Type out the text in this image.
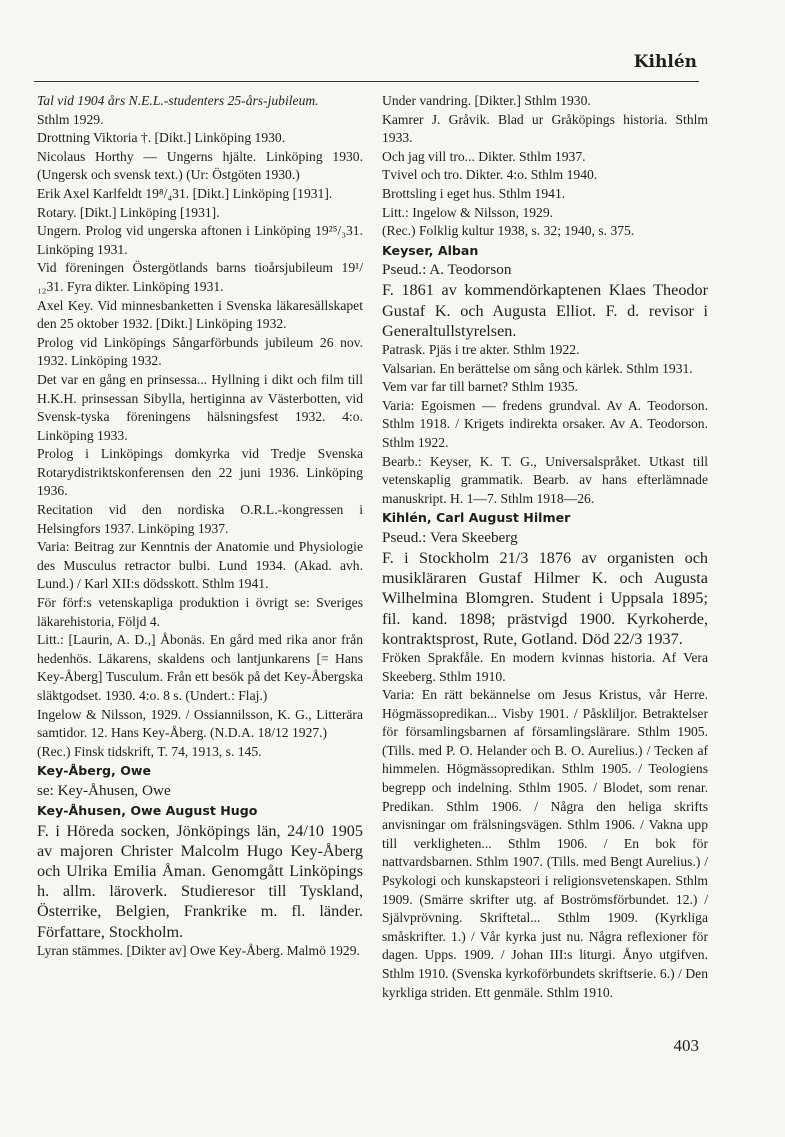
Kihlén

Tal vid 1904 års N.E.L.-studenters 25-års-jubileum.

Sthlm 1929.

Drottning Viktoria †. [Dikt.] Linköping 1930.

Nicolaus Horthy — Ungerns hjälte. Linköping 1930. (Ungersk och svensk text.) (Ur: Östgöten 1930.)

Erik Axel Karlfeldt 19⁸/₄31. [Dikt.] Linköping [1931].

Rotary. [Dikt.] Linköping [1931].

Ungern. Prolog vid ungerska aftonen i Linköping 19²⁵/₃31. Linköping 1931.

Vid föreningen Östergötlands barns tioårsjubileum 19¹/₁₂31. Fyra dikter. Linköping 1931.

Axel Key. Vid minnesbanketten i Svenska läkaresällskapet den 25 oktober 1932. [Dikt.] Linköping 1932.

Prolog vid Linköpings Sångarförbunds jubileum 26 nov. 1932. Linköping 1932.

Det var en gång en prinsessa... Hyllning i dikt och film till H.K.H. prinsessan Sibylla, hertiginna av Västerbotten, vid Svensk-tyska föreningens hälsningsfest 1932. 4:o. Linköping 1933.

Prolog i Linköpings domkyrka vid Tredje Svenska Rotarydistriktskonferensen den 22 juni 1936. Linköping 1936.

Recitation vid den nordiska O.R.L.-kongressen i Helsingfors 1937. Linköping 1937.

Varia: Beitrag zur Kenntnis der Anatomie und Physiologie des Musculus retractor bulbi. Lund 1934. (Akad. avh. Lund.) / Karl XII:s dödsskott. Sthlm 1941.

För förf:s vetenskapliga produktion i övrigt se: Sveriges läkarehistoria, Följd 4.

Litt.: [Laurin, A. D.,] Åbonäs. En gård med rika anor från hedenhös. Läkarens, skaldens och lantjunkarens [= Hans Key-Åberg] Tusculum. Från ett besök på det Key-Åbergska släktgodset. 1930. 4:o. 8 s. (Undert.: Flaj.)

Ingelow & Nilsson, 1929. / Ossiannilsson, K. G., Litterära samtidor. 12. Hans Key-Åberg. (N.D.A. 18/12 1927.)

(Rec.) Finsk tidskrift, T. 74, 1913, s. 145.

Key-Åberg, Owe

se: Key-Åhusen, Owe

Key-Åhusen, Owe August Hugo

F. i Höreda socken, Jönköpings län, 24/10 1905 av majoren Christer Malcolm Hugo Key-Åberg och Ulrika Emilia Åman. Genomgått Linköpings h. allm. läroverk. Studieresor till Tyskland, Österrike, Belgien, Frankrike m. fl. länder. Författare, Stockholm.

Lyran stämmes. [Dikter av] Owe Key-Åberg. Malmö 1929.

Under vandring. [Dikter.] Sthlm 1930.

Kamrer J. Gråvik. Blad ur Gråköpings historia. Sthlm 1933.

Och jag vill tro... Dikter. Sthlm 1937.

Tvivel och tro. Dikter. 4:o. Sthlm 1940.

Brottsling i eget hus. Sthlm 1941.

Litt.: Ingelow & Nilsson, 1929.

(Rec.) Folklig kultur 1938, s. 32; 1940, s. 375.

Keyser, Alban

Pseud.: A. Teodorson

F. 1861 av kommendörkaptenen Klaes Theodor Gustaf K. och Augusta Elliot. F. d. revisor i Generaltullstyrelsen.

Patrask. Pjäs i tre akter. Sthlm 1922.

Valsarian. En berättelse om sång och kärlek. Sthlm 1931.

Vem var far till barnet? Sthlm 1935.

Varia: Egoismen — fredens grundval. Av A. Teodorson. Sthlm 1918. / Krigets indirekta orsaker. Av A. Teodorson. Sthlm 1922.

Bearb.: Keyser, K. T. G., Universalspråket. Utkast till vetenskaplig grammatik. Bearb. av hans efterlämnade manuskript. H. 1—7. Sthlm 1918—26.

Kihlén, Carl August Hilmer

Pseud.: Vera Skeeberg

F. i Stockholm 21/3 1876 av organisten och musikläraren Gustaf Hilmer K. och Augusta Wilhelmina Blomgren. Student i Uppsala 1895; fil. kand. 1898; prästvigd 1900. Kyrkoherde, kontraktsprost, Rute, Gotland. Död 22/3 1937.

Fröken Sprakfåle. En modern kvinnas historia. Af Vera Skeeberg. Sthlm 1910.

Varia: En rätt bekännelse om Jesus Kristus, vår Herre. Högmässopredikan... Visby 1901. / Påskliljor. Betraktelser för församlingsbarnen af församlingslärare. Sthlm 1905. (Tills. med P. O. Helander och B. O. Aurelius.) / Tecken af himmelen. Högmässopredikan. Sthlm 1905. / Teologiens begrepp och indelning. Sthlm 1905. / Blodet, som renar. Predikan. Sthlm 1906. / Några den heliga skrifts anvisningar om frälsningsvägen. Sthlm 1906. / Vakna upp till verkligheten... Sthlm 1906. / En bok för nattvardsbarnen. Sthlm 1907. (Tills. med Bengt Aurelius.) / Psykologi och kunskapsteori i religionsvetenskapen. Sthlm 1909. (Smärre skrifter utg. af Boströmsförbundet. 12.) / Självprövning. Skriftetal... Sthlm 1909. (Kyrkliga småskrifter. 1.) / Vår kyrka just nu. Några reflexioner för dagen. Upps. 1909. / Johan III:s liturgi. Ånyo utgifven. Sthlm 1910. (Svenska kyrkoförbundets skriftserie. 6.) / Den kyrkliga striden. Ett genmäle. Sthlm 1910.

403
